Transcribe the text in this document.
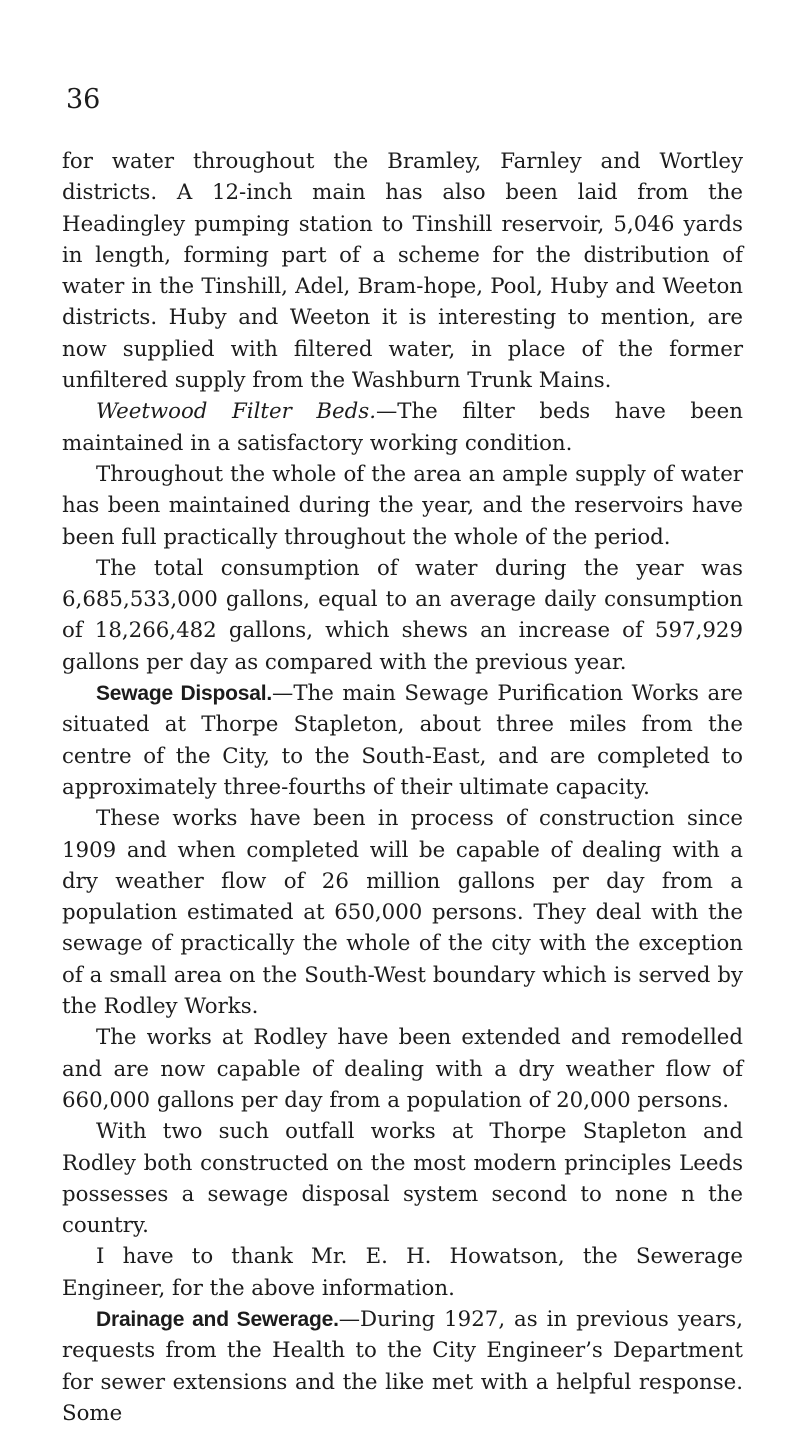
36

for water throughout the Bramley, Farnley and Wortley districts. A 12-inch main has also been laid from the Headingley pumping station to Tinshill reservoir, 5,046 yards in length, forming part of a scheme for the distribution of water in the Tinshill, Adel, Bram-hope, Pool, Huby and Weeton districts. Huby and Weeton it is interesting to mention, are now supplied with filtered water, in place of the former unfiltered supply from the Washburn Trunk Mains.

Weetwood Filter Beds.—The filter beds have been maintained in a satisfactory working condition.

Throughout the whole of the area an ample supply of water has been maintained during the year, and the reservoirs have been full practically throughout the whole of the period.

The total consumption of water during the year was 6,685,533,000 gallons, equal to an average daily consumption of 18,266,482 gallons, which shews an increase of 597,929 gallons per day as compared with the previous year.

Sewage Disposal.—The main Sewage Purification Works are situated at Thorpe Stapleton, about three miles from the centre of the City, to the South-East, and are completed to approximately three-fourths of their ultimate capacity.

These works have been in process of construction since 1909 and when completed will be capable of dealing with a dry weather flow of 26 million gallons per day from a population estimated at 650,000 persons. They deal with the sewage of practically the whole of the city with the exception of a small area on the South-West boundary which is served by the Rodley Works.

The works at Rodley have been extended and remodelled and are now capable of dealing with a dry weather flow of 660,000 gallons per day from a population of 20,000 persons.

With two such outfall works at Thorpe Stapleton and Rodley both constructed on the most modern principles Leeds possesses a sewage disposal system second to none n the country.

I have to thank Mr. E. H. Howatson, the Sewerage Engineer, for the above information.

Drainage and Sewerage.—During 1927, as in previous years, requests from the Health to the City Engineer’s Department for sewer extensions and the like met with a helpful response. Some
